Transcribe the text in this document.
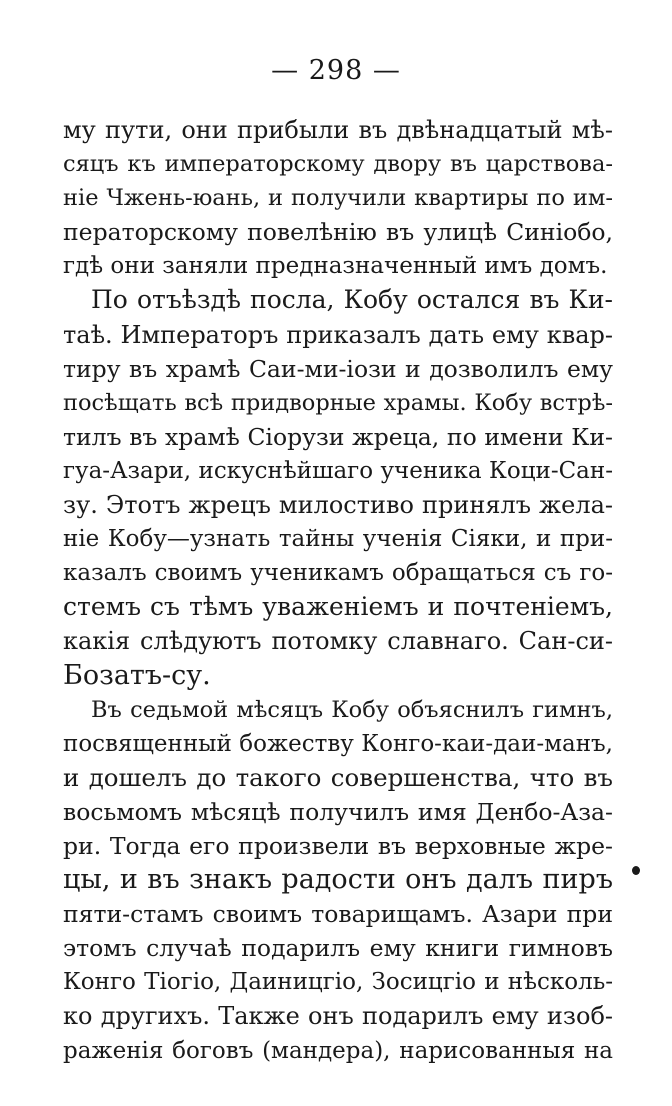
— 298 —
му пути, они прибыли въ двѣнадцатый мѣ-
сяцъ къ императорскому двору въ царствова-
ніе Чжень-юань, и получили квартиры по им-
ператорскому повелѣнію въ улицѣ Синіобо,
гдѣ они заняли предназначенный имъ домъ.
По отъѣздѣ посла, Кобу остался въ Ки-
таѣ. Императоръ приказалъ дать ему квар-
тиру въ храмѣ Саи-ми-іози и дозволилъ ему
посѣщать всѣ придворные храмы. Кобу встрѣ-
тилъ въ храмѣ Сіорузи жреца, по имени Ки-
гуа-Азари, искуснѣйшаго ученика Коци-Сан-
зу. Этотъ жрецъ милостиво принялъ жела-
ніе Кобу—узнать тайны ученія Сіяки, и при-
казалъ своимъ ученикамъ обращаться съ го-
стемъ съ тѣмъ уваженіемъ и почтеніемъ,
какія слѣдуютъ потомку славнаго. Сан-си-
Бозатъ-су.
Въ седьмой мѣсяцъ Кобу объяснилъ гимнъ,
посвященный божеству Конго-каи-даи-манъ,
и дошелъ до такого совершенства, что въ
восьмомъ мѣсяцѣ получилъ имя Денбо-Аза-
ри. Тогда его произвели въ верховные жре-
цы, и въ знакъ радости онъ далъ пиръ
пяти-стамъ своимъ товарищамъ. Азари при
этомъ случаѣ подарилъ ему книги гимновъ
Конго Тіогіо, Даиницгіо, Зосицгіо и нѣсколь-
ко другихъ. Также онъ подарилъ ему изоб-
раженія боговъ (мандера), нарисованныя на
